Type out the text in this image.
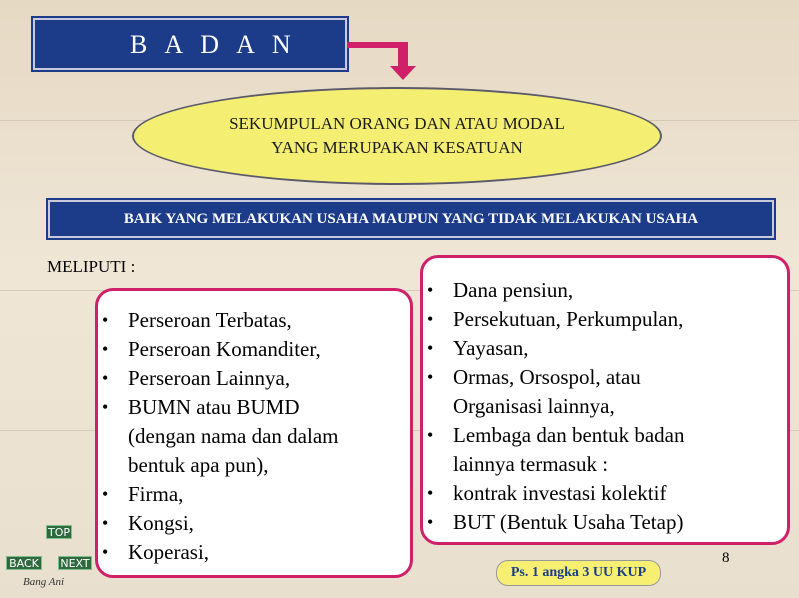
B A D A N
SEKUMPULAN ORANG DAN ATAU MODAL
YANG MERUPAKAN KESATUAN
BAIK YANG MELAKUKAN USAHA MAUPUN YANG TIDAK MELAKUKAN USAHA
MELIPUTI :
• Perseroan Terbatas,
• Perseroan Komanditer,
• Perseroan Lainnya,
• BUMN atau BUMD
(dengan nama dan dalam
bentuk apa pun),
• Firma,
• Kongsi,
• Koperasi,
• Dana pensiun,
• Persekutuan, Perkumpulan,
• Yayasan,
• Ormas, Orsospol, atau
Organisasi lainnya,
• Lembaga dan bentuk badan
lainnya termasuk :
• kontrak investasi kolektif
• BUT (Bentuk Usaha Tetap)
TOP
BACK NEXT
Bang Ani
Ps. 1 angka 3 UU KUP
8
